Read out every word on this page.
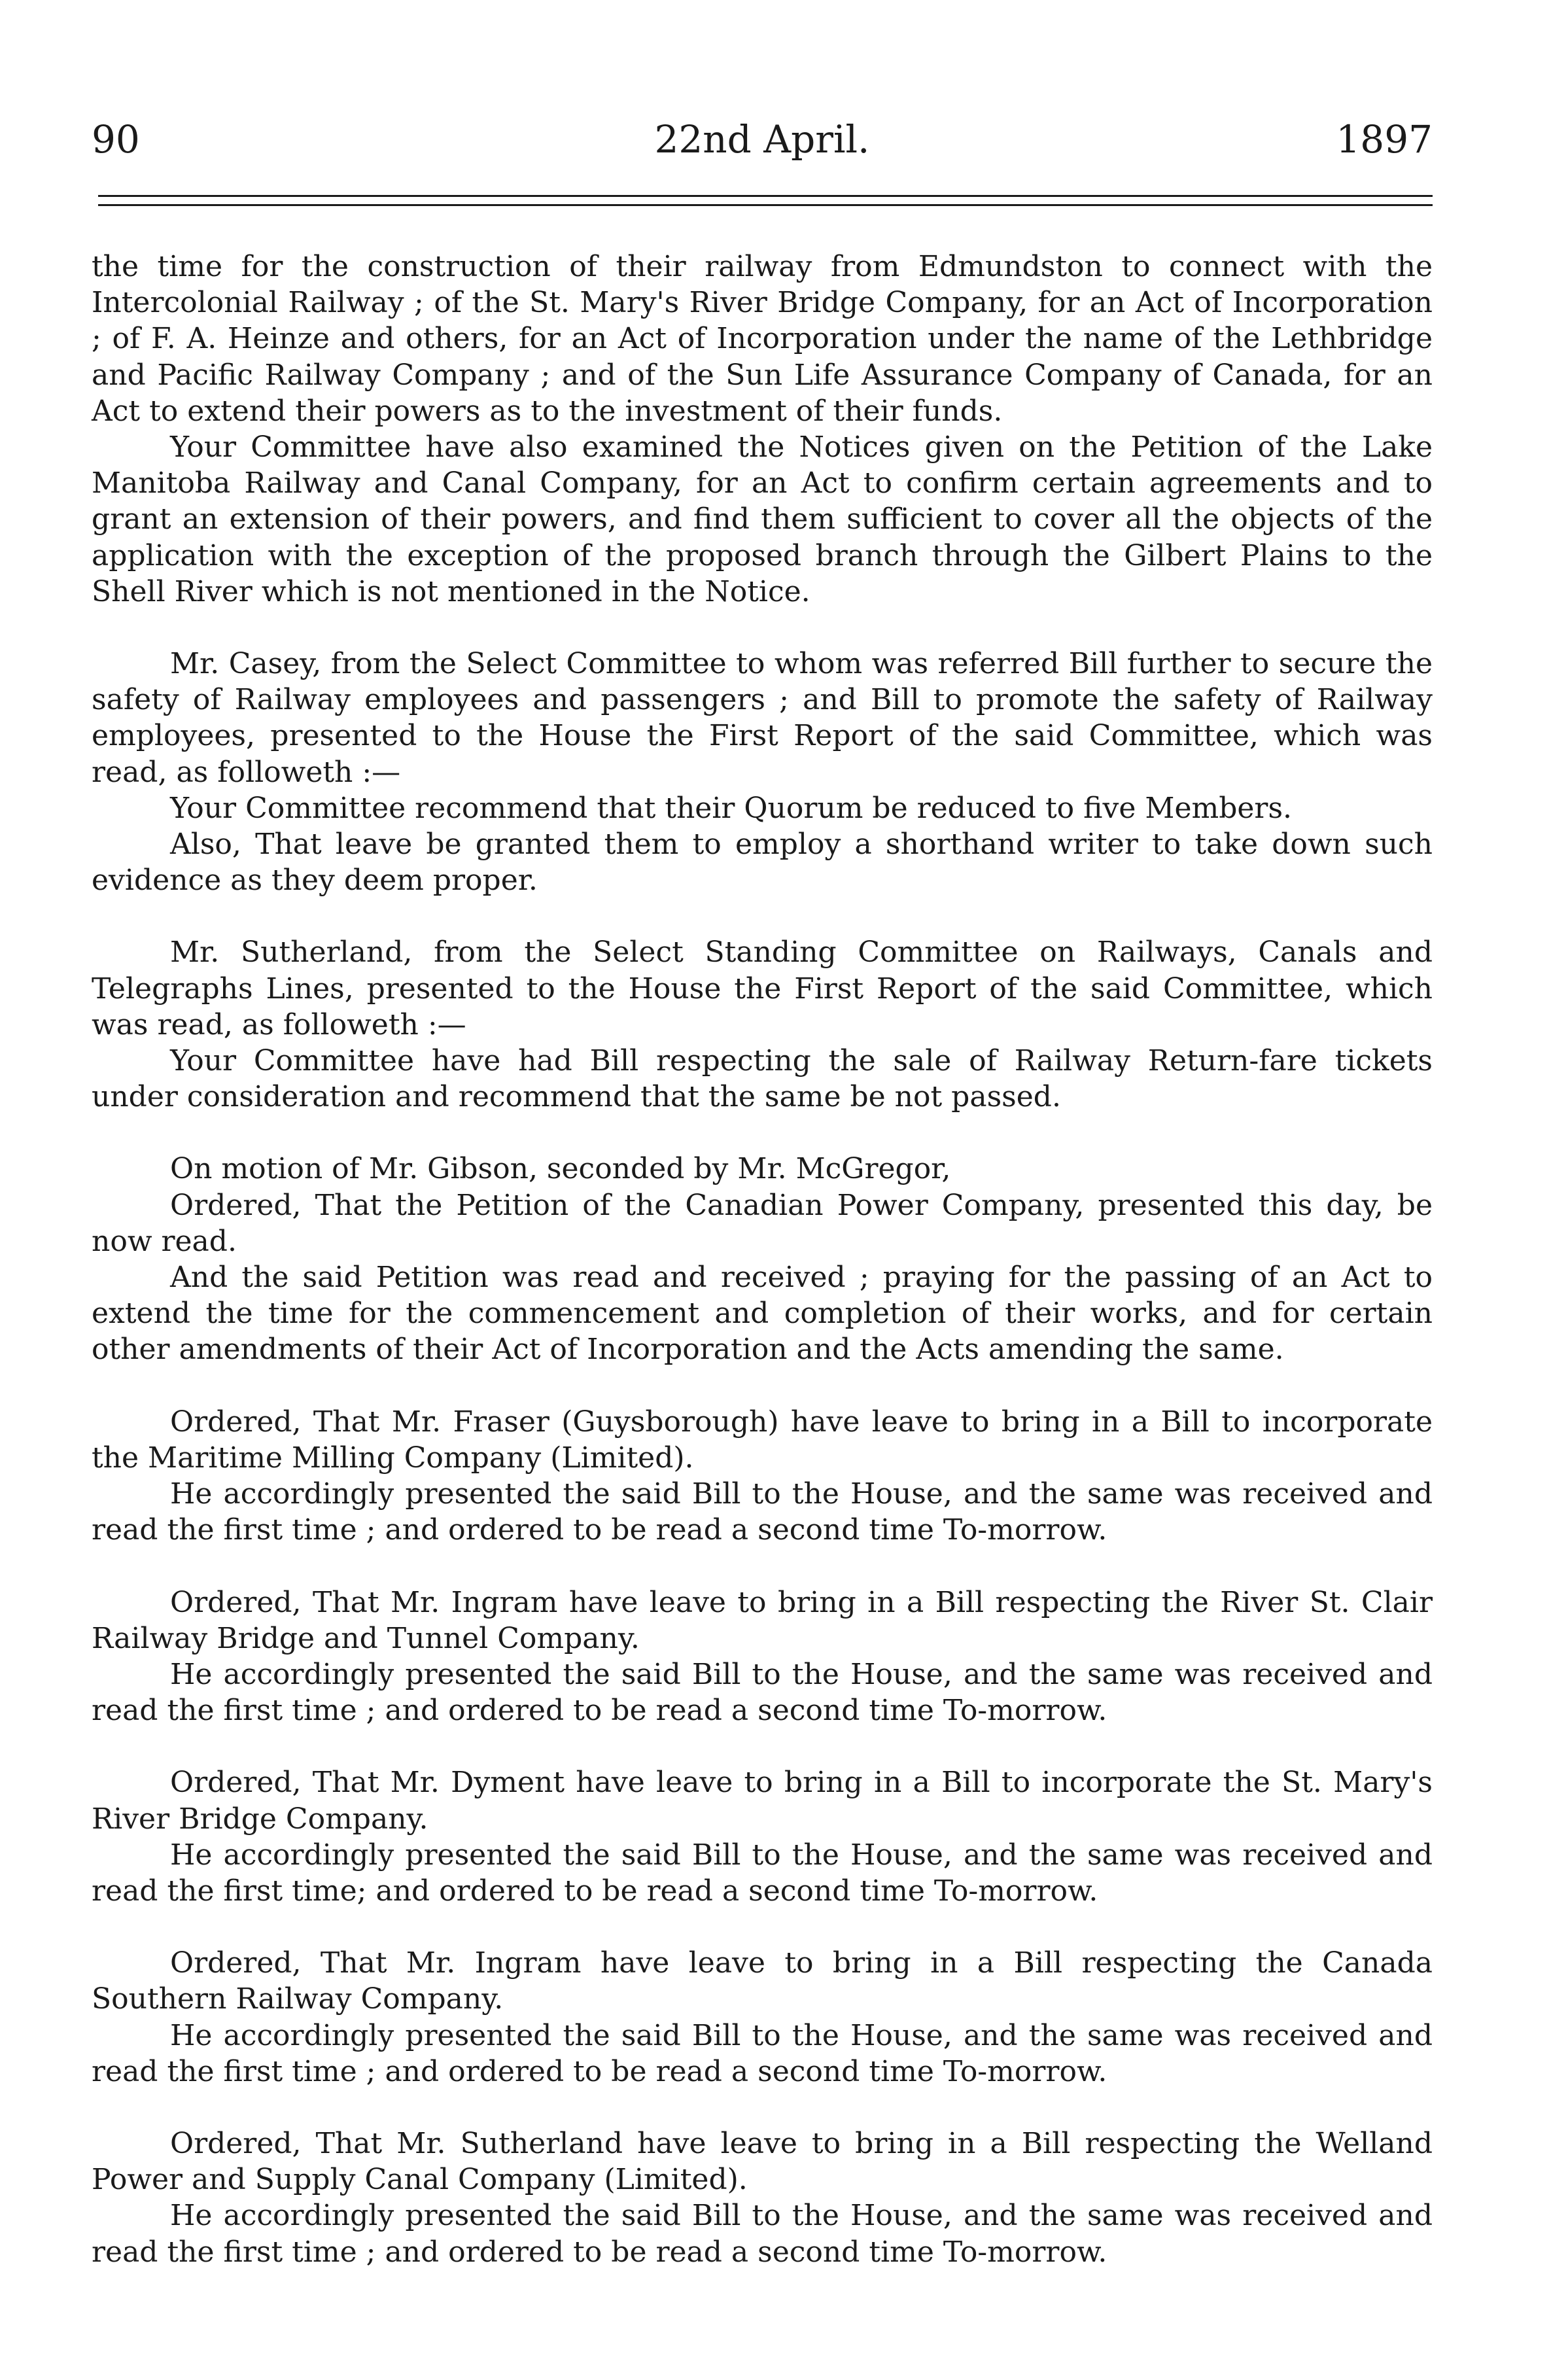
90	22nd April.	1897

the time for the construction of their railway from Edmundston to connect with the Intercolonial Railway ; of the St. Mary's River Bridge Company, for an Act of Incorporation ; of F. A. Heinze and others, for an Act of Incorporation under the name of the Lethbridge and Pacific Railway Company ; and of the Sun Life Assurance Company of Canada, for an Act to extend their powers as to the investment of their funds.

Your Committee have also examined the Notices given on the Petition of the Lake Manitoba Railway and Canal Company, for an Act to confirm certain agreements and to grant an extension of their powers, and find them sufficient to cover all the objects of the application with the exception of the proposed branch through the Gilbert Plains to the Shell River which is not mentioned in the Notice.

Mr. Casey, from the Select Committee to whom was referred Bill further to secure the safety of Railway employees and passengers ; and Bill to promote the safety of Railway employees, presented to the House the First Report of the said Committee, which was read, as followeth :—

Your Committee recommend that their Quorum be reduced to five Members.

Also, That leave be granted them to employ a shorthand writer to take down such evidence as they deem proper.

Mr. Sutherland, from the Select Standing Committee on Railways, Canals and Telegraphs Lines, presented to the House the First Report of the said Committee, which was read, as followeth :—

Your Committee have had Bill respecting the sale of Railway Return-fare tickets under consideration and recommend that the same be not passed.

On motion of Mr. Gibson, seconded by Mr. McGregor,

Ordered, That the Petition of the Canadian Power Company, presented this day, be now read.

And the said Petition was read and received ; praying for the passing of an Act to extend the time for the commencement and completion of their works, and for certain other amendments of their Act of Incorporation and the Acts amending the same.

Ordered, That Mr. Fraser (Guysborough) have leave to bring in a Bill to incorporate the Maritime Milling Company (Limited).

He accordingly presented the said Bill to the House, and the same was received and read the first time ; and ordered to be read a second time To-morrow.

Ordered, That Mr. Ingram have leave to bring in a Bill respecting the River St. Clair Railway Bridge and Tunnel Company.

He accordingly presented the said Bill to the House, and the same was received and read the first time ; and ordered to be read a second time To-morrow.

Ordered, That Mr. Dyment have leave to bring in a Bill to incorporate the St. Mary's River Bridge Company.

He accordingly presented the said Bill to the House, and the same was received and read the first time; and ordered to be read a second time To-morrow.

Ordered, That Mr. Ingram have leave to bring in a Bill respecting the Canada Southern Railway Company.

He accordingly presented the said Bill to the House, and the same was received and read the first time ; and ordered to be read a second time To-morrow.

Ordered, That Mr. Sutherland have leave to bring in a Bill respecting the Welland Power and Supply Canal Company (Limited).

He accordingly presented the said Bill to the House, and the same was received and read the first time ; and ordered to be read a second time To-morrow.
